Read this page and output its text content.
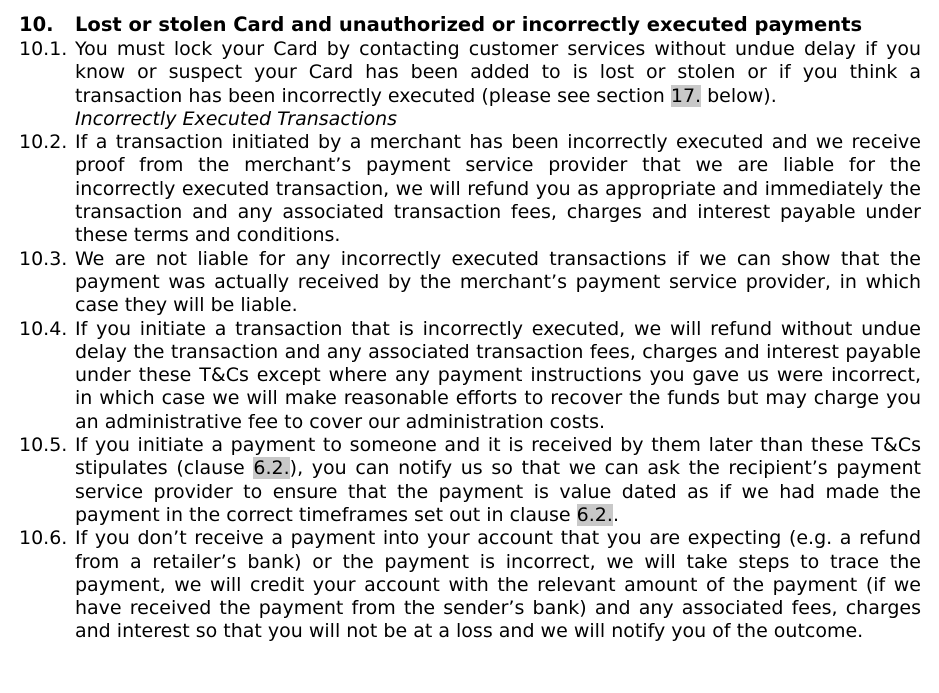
10.	Lost or stolen Card and unauthorized or incorrectly executed payments
10.1. You must lock your Card by contacting customer services without undue delay if you know or suspect your Card has been added to is lost or stolen or if you think a transaction has been incorrectly executed (please see section 17. below).
Incorrectly Executed Transactions
10.2. If a transaction initiated by a merchant has been incorrectly executed and we receive proof from the merchant’s payment service provider that we are liable for the incorrectly executed transaction, we will refund you as appropriate and immediately the transaction and any associated transaction fees, charges and interest payable under these terms and conditions.
10.3. We are not liable for any incorrectly executed transactions if we can show that the payment was actually received by the merchant’s payment service provider, in which case they will be liable.
10.4. If you initiate a transaction that is incorrectly executed, we will refund without undue delay the transaction and any associated transaction fees, charges and interest payable under these T&Cs except where any payment instructions you gave us were incorrect, in which case we will make reasonable efforts to recover the funds but may charge you an administrative fee to cover our administration costs.
10.5. If you initiate a payment to someone and it is received by them later than these T&Cs stipulates (clause 6.2.), you can notify us so that we can ask the recipient’s payment service provider to ensure that the payment is value dated as if we had made the payment in the correct timeframes set out in clause 6.2..
10.6. If you don’t receive a payment into your account that you are expecting (e.g. a refund from a retailer’s bank) or the payment is incorrect, we will take steps to trace the payment, we will credit your account with the relevant amount of the payment (if we have received the payment from the sender’s bank) and any associated fees, charges and interest so that you will not be at a loss and we will notify you of the outcome.
